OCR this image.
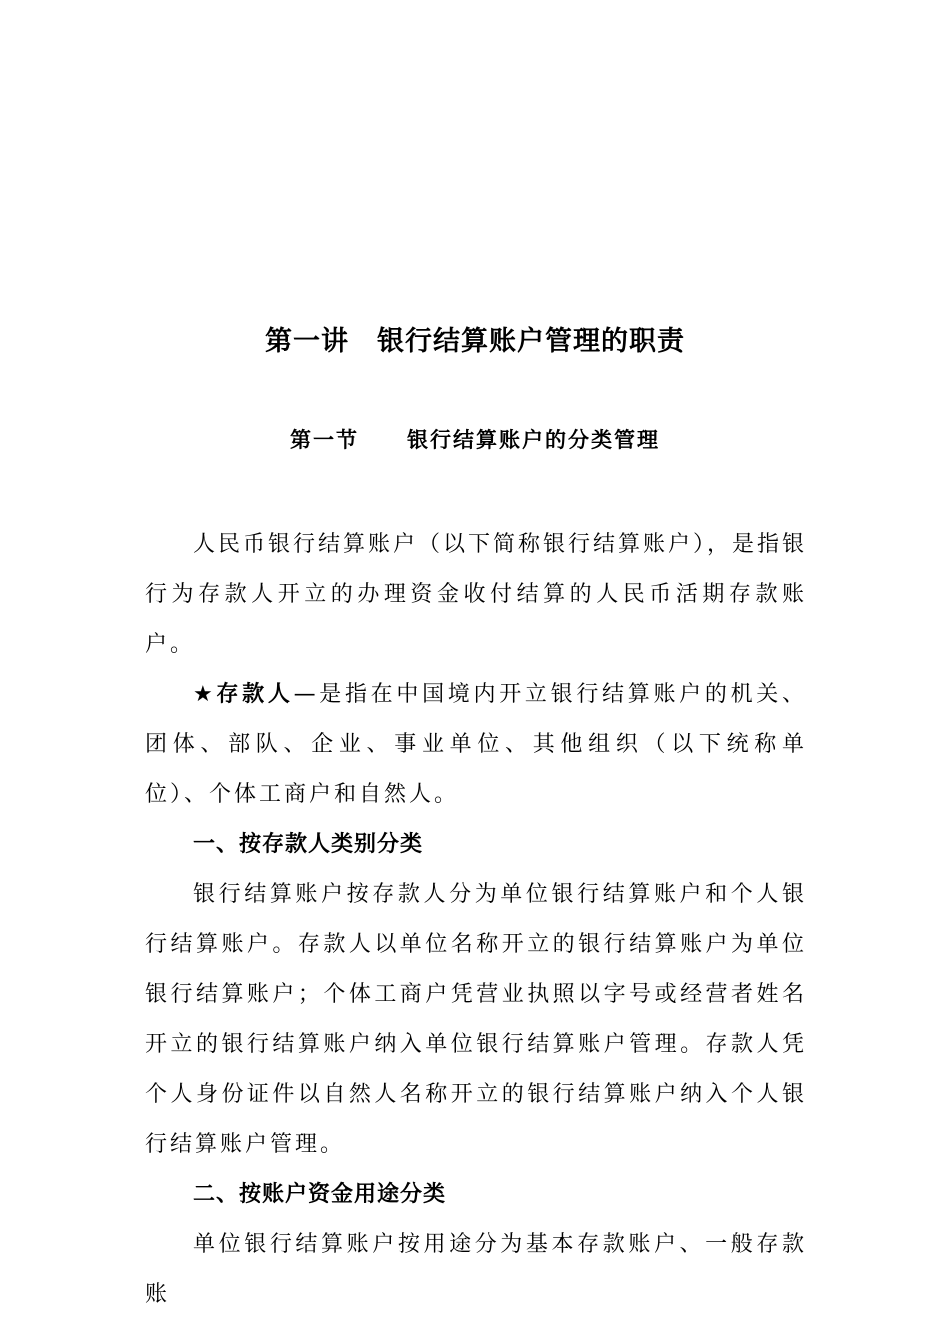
第一讲 银行结算账户管理的职责
第一节 银行结算账户的分类管理

人民币银行结算账户（以下简称银行结算账户），是指银行为存款人开立的办理资金收付结算的人民币活期存款账户。

★存款人—是指在中国境内开立银行结算账户的机关、团体、部队、企业、事业单位、其他组织（以下统称单位）、个体工商户和自然人。

一、按存款人类别分类

银行结算账户按存款人分为单位银行结算账户和个人银行结算账户。存款人以单位名称开立的银行结算账户为单位银行结算账户；个体工商户凭营业执照以字号或经营者姓名开立的银行结算账户纳入单位银行结算账户管理。存款人凭个人身份证件以自然人名称开立的银行结算账户纳入个人银行结算账户管理。

二、按账户资金用途分类

单位银行结算账户按用途分为基本存款账户、一般存款账
